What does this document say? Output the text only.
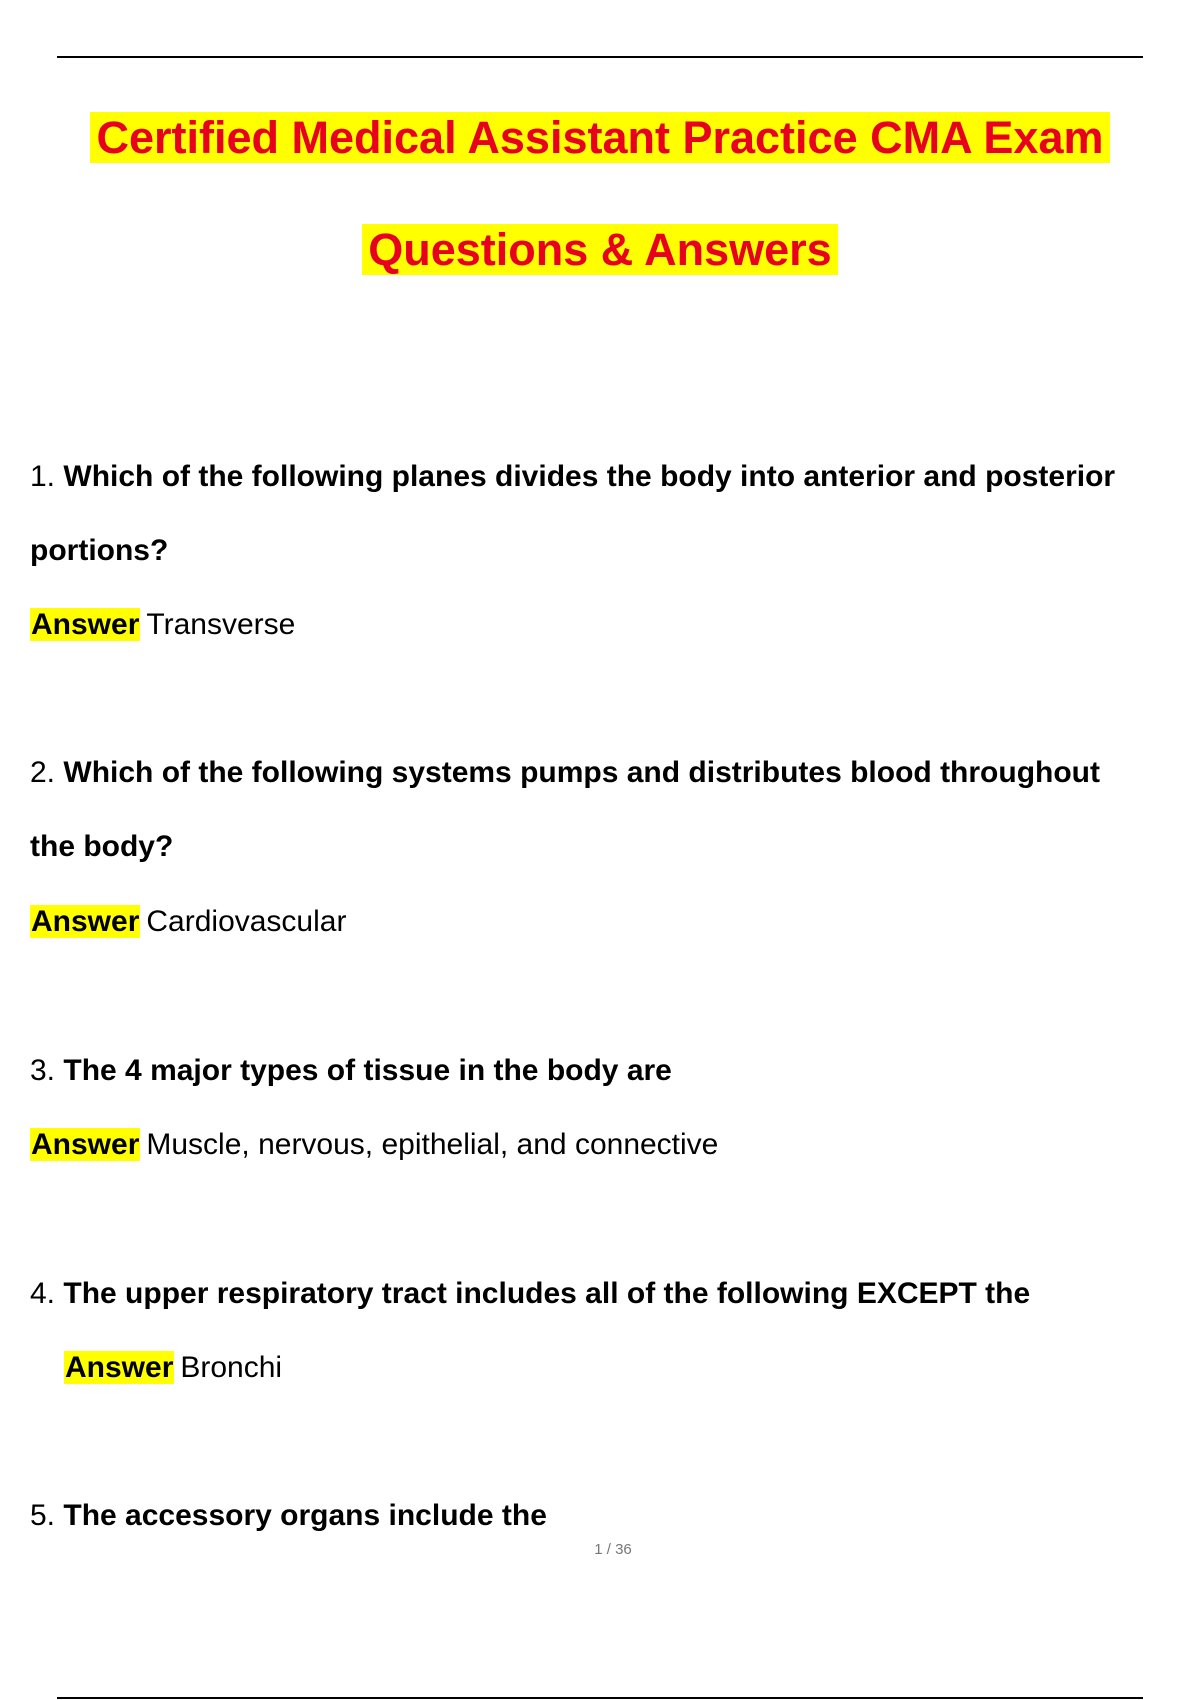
Certified Medical Assistant Practice CMA Exam
Questions & Answers
1. Which of the following planes divides the body into anterior and posterior
portions?
Answer Transverse
2. Which of the following systems pumps and distributes blood throughout
the body?
Answer Cardiovascular
3. The 4 major types of tissue in the body are
Answer Muscle, nervous, epithelial, and connective
4. The upper respiratory tract includes all of the following EXCEPT the
Answer Bronchi
5. The accessory organs include the
1 / 36
